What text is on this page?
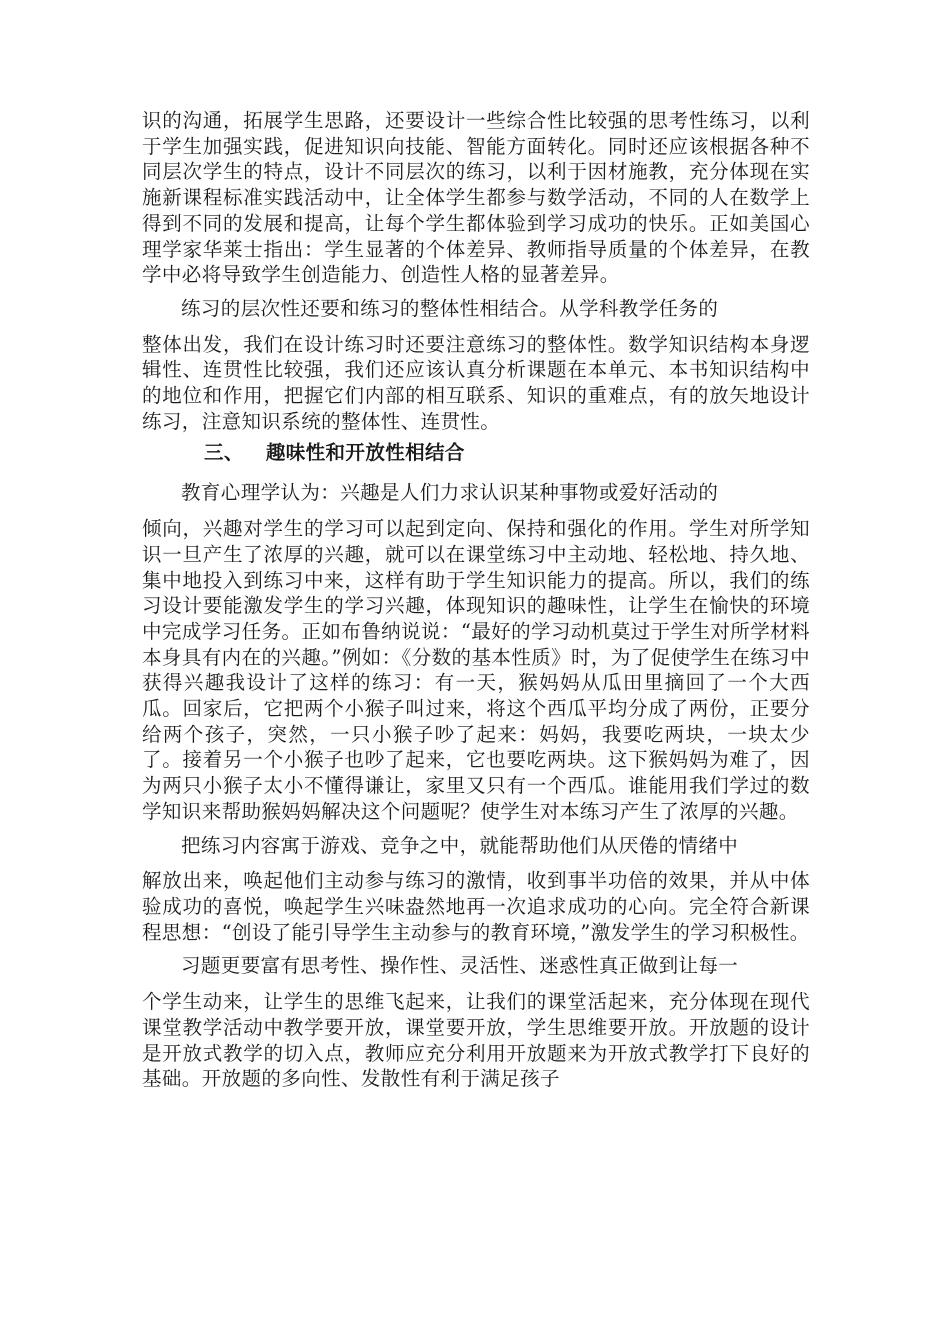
识的沟通，拓展学生思路，还要设计一些综合性比较强的思考性练习，以利于学生加强实践，促进知识向技能、智能方面转化。同时还应该根据各种不同层次学生的特点，设计不同层次的练习，以利于因材施教，充分体现在实施新课程标准实践活动中，让全体学生都参与数学活动，不同的人在数学上得到不同的发展和提高，让每个学生都体验到学习成功的快乐。正如美国心理学家华莱士指出：学生显著的个体差异、教师指导质量的个体差异，在教学中必将导致学生创造能力、创造性人格的显著差异。

练习的层次性还要和练习的整体性相结合。从学科教学任务的
整体出发，我们在设计练习时还要注意练习的整体性。数学知识结构本身逻辑性、连贯性比较强，我们还应该认真分析课题在本单元、本书知识结构中的地位和作用，把握它们内部的相互联系、知识的重难点，有的放矢地设计练习，注意知识系统的整体性、连贯性。

三、 趣味性和开放性相结合

教育心理学认为：兴趣是人们力求认识某种事物或爱好活动的
倾向，兴趣对学生的学习可以起到定向、保持和强化的作用。学生对所学知识一旦产生了浓厚的兴趣，就可以在课堂练习中主动地、轻松地、持久地、集中地投入到练习中来，这样有助于学生知识能力的提高。所以，我们的练习设计要能激发学生的学习兴趣，体现知识的趣味性，让学生在愉快的环境中完成学习任务。正如布鲁纳说说：“最好的学习动机莫过于学生对所学材料本身具有内在的兴趣。”例如：《分数的基本性质》时，为了促使学生在练习中获得兴趣我设计了这样的练习：有一天，猴妈妈从瓜田里摘回了一个大西瓜。回家后，它把两个小猴子叫过来，将这个西瓜平均分成了两份，正要分给两个孩子，突然，一只小猴子吵了起来：妈妈，我要吃两块，一块太少了。接着另一个小猴子也吵了起来，它也要吃两块。这下猴妈妈为难了，因为两只小猴子太小不懂得谦让，家里又只有一个西瓜。谁能用我们学过的数学知识来帮助猴妈妈解决这个问题呢？使学生对本练习产生了浓厚的兴趣。

把练习内容寓于游戏、竞争之中，就能帮助他们从厌倦的情绪中
解放出来，唤起他们主动参与练习的激情，收到事半功倍的效果，并从中体验成功的喜悦，唤起学生兴味盎然地再一次追求成功的心向。完全符合新课程思想：“创设了能引导学生主动参与的教育环境，”激发学生的学习积极性。

习题更要富有思考性、操作性、灵活性、迷惑性真正做到让每一
个学生动来，让学生的思维飞起来，让我们的课堂活起来，充分体现在现代课堂教学活动中教学要开放，课堂要开放，学生思维要开放。开放题的设计是开放式教学的切入点，教师应充分利用开放题来为开放式教学打下良好的基础。开放题的多向性、发散性有利于满足孩子
